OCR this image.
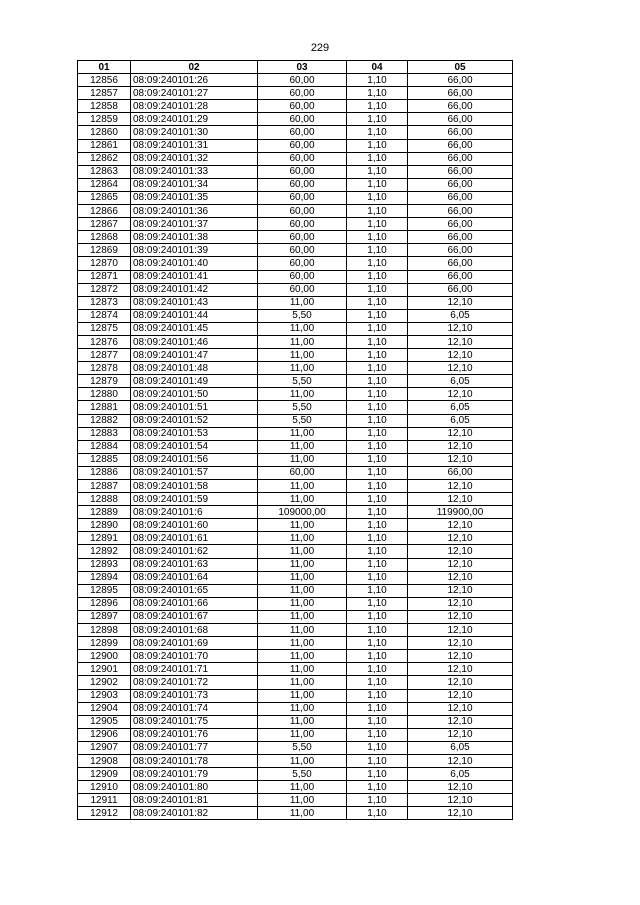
229
01	02	03	04	05
12856	08:09:240101:26	60,00	1,10	66,00
12857	08:09:240101:27	60,00	1,10	66,00
12858	08:09:240101:28	60,00	1,10	66,00
12859	08:09:240101:29	60,00	1,10	66,00
12860	08:09:240101:30	60,00	1,10	66,00
12861	08:09:240101:31	60,00	1,10	66,00
12862	08:09:240101:32	60,00	1,10	66,00
12863	08:09:240101:33	60,00	1,10	66,00
12864	08:09:240101:34	60,00	1,10	66,00
12865	08:09:240101:35	60,00	1,10	66,00
12866	08:09:240101:36	60,00	1,10	66,00
12867	08:09:240101:37	60,00	1,10	66,00
12868	08:09:240101:38	60,00	1,10	66,00
12869	08:09:240101:39	60,00	1,10	66,00
12870	08:09:240101:40	60,00	1,10	66,00
12871	08:09:240101:41	60,00	1,10	66,00
12872	08:09:240101:42	60,00	1,10	66,00
12873	08:09:240101:43	11,00	1,10	12,10
12874	08:09:240101:44	5,50	1,10	6,05
12875	08:09:240101:45	11,00	1,10	12,10
12876	08:09:240101:46	11,00	1,10	12,10
12877	08:09:240101:47	11,00	1,10	12,10
12878	08:09:240101:48	11,00	1,10	12,10
12879	08:09:240101:49	5,50	1,10	6,05
12880	08:09:240101:50	11,00	1,10	12,10
12881	08:09:240101:51	5,50	1,10	6,05
12882	08:09:240101:52	5,50	1,10	6,05
12883	08:09:240101:53	11,00	1,10	12,10
12884	08:09:240101:54	11,00	1,10	12,10
12885	08:09:240101:56	11,00	1,10	12,10
12886	08:09:240101:57	60,00	1,10	66,00
12887	08:09:240101:58	11,00	1,10	12,10
12888	08:09:240101:59	11,00	1,10	12,10
12889	08:09:240101:6	109000,00	1,10	119900,00
12890	08:09:240101:60	11,00	1,10	12,10
12891	08:09:240101:61	11,00	1,10	12,10
12892	08:09:240101:62	11,00	1,10	12,10
12893	08:09:240101:63	11,00	1,10	12,10
12894	08:09:240101:64	11,00	1,10	12,10
12895	08:09:240101:65	11,00	1,10	12,10
12896	08:09:240101:66	11,00	1,10	12,10
12897	08:09:240101:67	11,00	1,10	12,10
12898	08:09:240101:68	11,00	1,10	12,10
12899	08:09:240101:69	11,00	1,10	12,10
12900	08:09:240101:70	11,00	1,10	12,10
12901	08:09:240101:71	11,00	1,10	12,10
12902	08:09:240101:72	11,00	1,10	12,10
12903	08:09:240101:73	11,00	1,10	12,10
12904	08:09:240101:74	11,00	1,10	12,10
12905	08:09:240101:75	11,00	1,10	12,10
12906	08:09:240101:76	11,00	1,10	12,10
12907	08:09:240101:77	5,50	1,10	6,05
12908	08:09:240101:78	11,00	1,10	12,10
12909	08:09:240101:79	5,50	1,10	6,05
12910	08:09:240101:80	11,00	1,10	12,10
12911	08:09:240101:81	11,00	1,10	12,10
12912	08:09:240101:82	11,00	1,10	12,10
